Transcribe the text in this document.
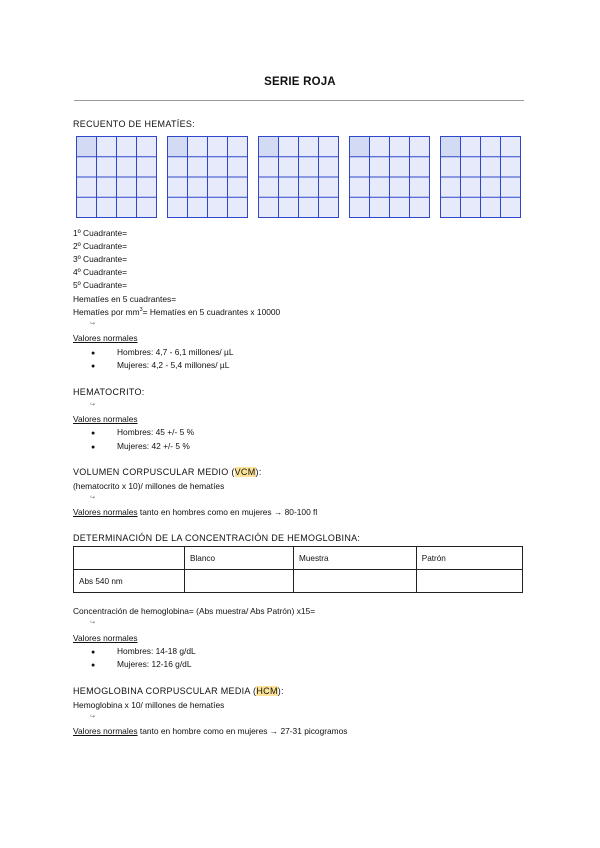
SERIE ROJA
RECUENTO DE HEMATÍES:
1º Cuadrante=
2º Cuadrante=
3º Cuadrante=
4º Cuadrante=
5º Cuadrante=
Hematíes en 5 cuadrantes=
Hematíes por $mm^3=$ Hematíes en 5 cuadrantes x 10000
↪
Valores normales
●	Hombres: 4,7 - 6,1 millones/ µL
●	Mujeres: 4,2 - 5,4 millones/ µL
HEMATOCRITO:
↪
Valores normales
●	Hombres: 45 +/- 5 %
●	Mujeres: 42 +/- 5 %
VOLUMEN CORPUSCULAR MEDIO (VCM):
(hematocrito x 10)/ millones de hematíes
↪
Valores normales tanto en hombres como en mujeres → 80-100 fl
DETERMINACIÓN DE LA CONCENTRACIÓN DE HEMOGLOBINA:
	Blanco	Muestra	Patrón
Abs 540 nm			
Concentración de hemoglobina= (Abs muestra/ Abs Patrón) x15=
↪
Valores normales
●	Hombres: 14-18 g/dL
●	Mujeres: 12-16 g/dL
HEMOGLOBINA CORPUSCULAR MEDIA (HCM):
Hemoglobina x 10/ millones de hematíes
↪
Valores normales tanto en hombre como en mujeres → 27-31 picogramos
